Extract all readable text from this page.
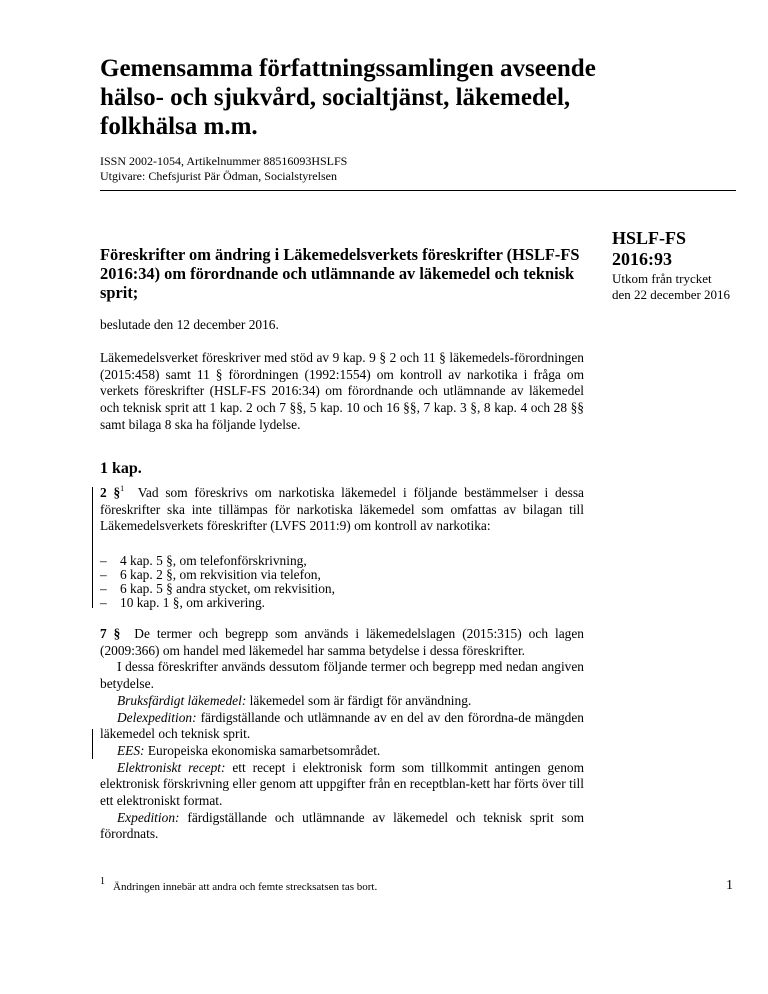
Gemensamma författningssamlingen avseende hälso- och sjukvård, socialtjänst, läkemedel, folkhälsa m.m.
ISSN 2002-1054, Artikelnummer 88516093HSLFS
Utgivare: Chefsjurist Pär Ödman, Socialstyrelsen
HSLF-FS 2016:93
Utkom från trycket
den 22 december 2016
Föreskrifter om ändring i Läkemedelsverkets föreskrifter (HSLF-FS 2016:34) om förordnande och utlämnande av läkemedel och teknisk sprit;

beslutade den 12 december 2016.

Läkemedelsverket föreskriver med stöd av 9 kap. 9 § 2 och 11 § läkemedels-förordningen (2015:458) samt 11 § förordningen (1992:1554) om kontroll av narkotika i fråga om verkets föreskrifter (HSLF-FS 2016:34) om förordnande och utlämnande av läkemedel och teknisk sprit att 1 kap. 2 och 7 §§, 5 kap. 10 och 16 §§, 7 kap. 3 §, 8 kap. 4 och 28 §§ samt bilaga 8 ska ha följande lydelse.

1 kap.

2 §$^1$ Vad som föreskrivs om narkotiska läkemedel i följande bestämmelser i dessa föreskrifter ska inte tillämpas för narkotiska läkemedel som omfattas av bilagan till Läkemedelsverkets föreskrifter (LVFS 2011:9) om kontroll av narkotika:

– 4 kap. 5 §, om telefonförskrivning,
– 6 kap. 2 §, om rekvisition via telefon,
– 6 kap. 5 § andra stycket, om rekvisition,
– 10 kap. 1 §, om arkivering.

7 § De termer och begrepp som används i läkemedelslagen (2015:315) och lagen (2009:366) om handel med läkemedel har samma betydelse i dessa föreskrifter.

I dessa föreskrifter används dessutom följande termer och begrepp med nedan angiven betydelse.

Bruksfärdigt läkemedel: läkemedel som är färdigt för användning.

Delexpedition: färdigställande och utlämnande av en del av den förordna-de mängden läkemedel och teknisk sprit.

EES: Europeiska ekonomiska samarbetsområdet.

Elektroniskt recept: ett recept i elektronisk form som tillkommit antingen genom elektronisk förskrivning eller genom att uppgifter från en receptblan-kett har förts över till ett elektroniskt format.

Expedition: färdigställande och utlämnande av läkemedel och teknisk sprit som förordnats.

$^1$ Ändringen innebär att andra och femte strecksatsen tas bort.	1
